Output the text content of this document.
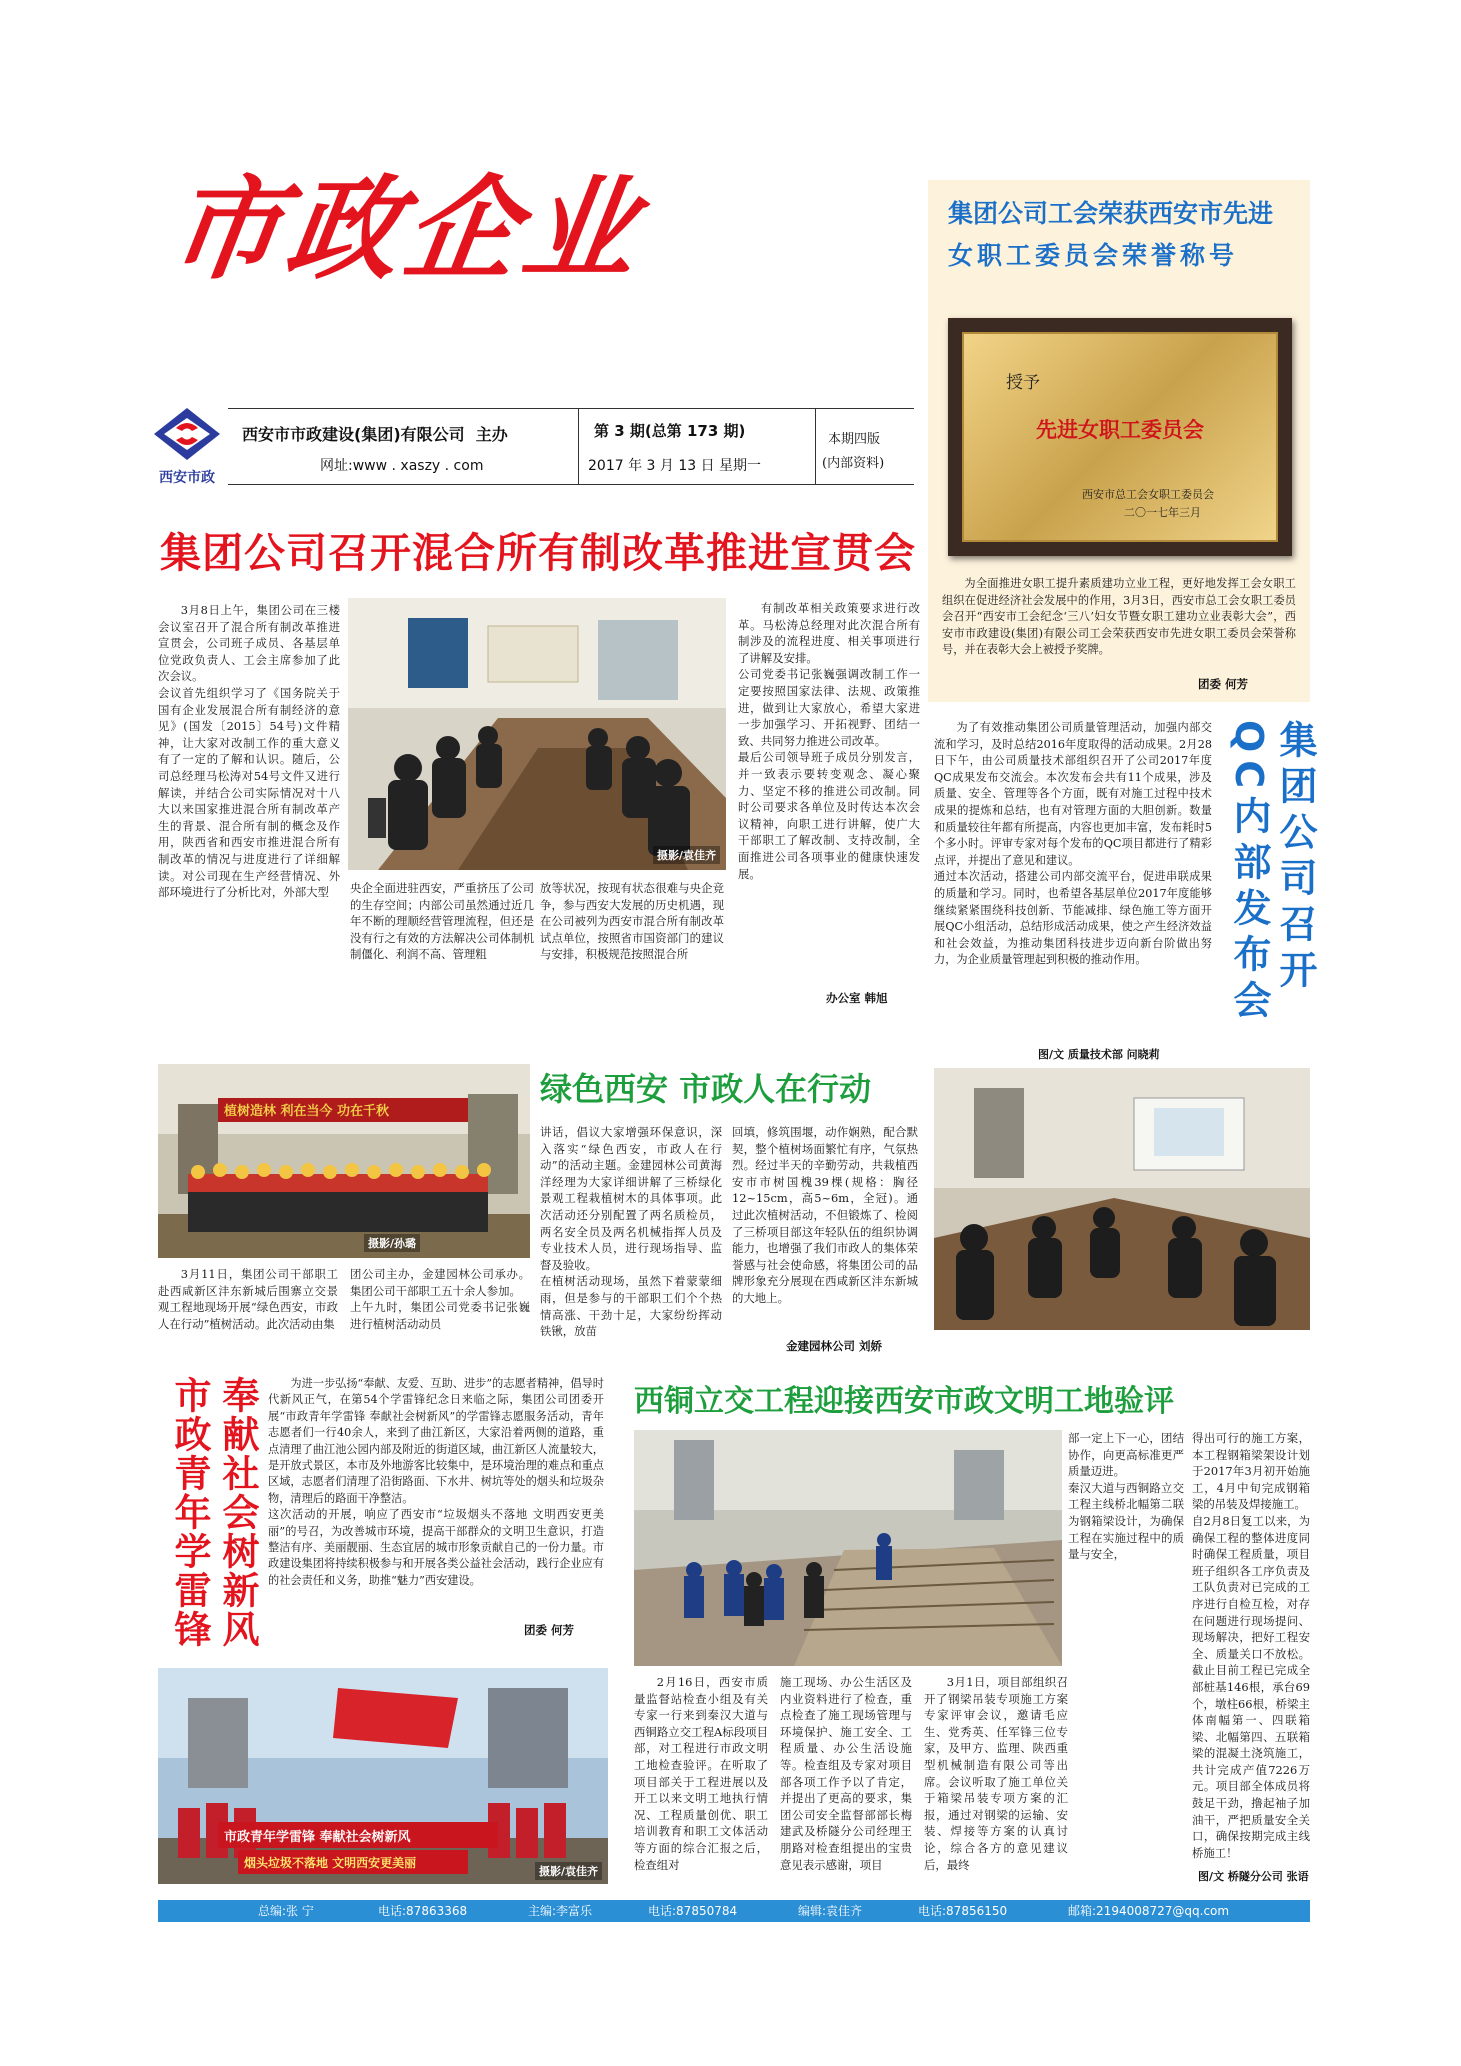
市政企业
西安市政
西安市市政建设(集团)有限公司 主办
网址:www . xaszy . com
第 3 期(总第 173 期)
2017 年 3 月 13 日 星期一
本期四版
(内部资料)
集团公司工会荣获西安市先进
女职工委员会荣誉称号
授予
先进女职工委员会
西安市总工会女职工委员会
二〇一七年三月
为全面推进女职工提升素质建功立业工程，更好地发挥工会女职工组织在促进经济社会发展中的作用，3月3日，西安市总工会女职工委员会召开“西安市工会纪念‘三八’妇女节暨女职工建功立业表彰大会”，西安市市政建设(集团)有限公司工会荣获西安市先进女职工委员会荣誉称号，并在表彰大会上被授予奖牌。
团委 何芳
集团公司召开混合所有制改革推进宣贯会
3月8日上午，集团公司在三楼会议室召开了混合所有制改革推进宣贯会，公司班子成员、各基层单位党政负责人、工会主席参加了此次会议。
会议首先组织学习了《国务院关于国有企业发展混合所有制经济的意见》(国发〔2015〕54号)文件精神，让大家对改制工作的重大意义有了一定的了解和认识。随后，公司总经理马松涛对54号文件又进行解读，并结合公司实际情况对十八大以来国家推进混合所有制改革产生的背景、混合所有制的概念及作用，陕西省和西安市推进混合所有制改革的情况与进度进行了详细解读。对公司现在生产经营情况、外部环境进行了分析比对，外部大型
摄影/袁佳齐
央企全面进驻西安，严重挤压了公司的生存空间；内部公司虽然通过近几年不断的理顺经营管理流程，但还是没有行之有效的方法解决公司体制机制僵化、利润不高、管理粗
放等状况，按现有状态很难与央企竞争，参与西安大发展的历史机遇，现在公司被列为西安市混合所有制改革试点单位，按照省市国资部门的建议与安排，积极规范按照混合所
有制改革相关政策要求进行改革。马松涛总经理对此次混合所有制涉及的流程进度、相关事项进行了讲解及安排。
公司党委书记张巍强调改制工作一定要按照国家法律、法规、政策推进，做到让大家放心，希望大家进一步加强学习、开拓视野、团结一致、共同努力推进公司改革。
最后公司领导班子成员分别发言，并一致表示要转变观念、凝心聚力、坚定不移的推进公司改制。同时公司要求各单位及时传达本次会议精神，向职工进行讲解，使广大干部职工了解改制、支持改制，全面推进公司各项事业的健康快速发展。
办公室 韩旭
集团公司召开
QC内部发布会
为了有效推动集团公司质量管理活动，加强内部交流和学习，及时总结2016年度取得的活动成果。2月28日下午，由公司质量技术部组织召开了公司2017年度QC成果发布交流会。本次发布会共有11个成果，涉及质量、安全、管理等各个方面，既有对施工过程中技术成果的提炼和总结，也有对管理方面的大胆创新。数量和质量较往年都有所提高，内容也更加丰富，发布耗时5个多小时。评审专家对每个发布的QC项目都进行了精彩点评，并提出了意见和建议。
通过本次活动，搭建公司内部交流平台，促进串联成果的质量和学习。同时，也希望各基层单位2017年度能够继续紧紧围绕科技创新、节能减排、绿色施工等方面开展QC小组活动，总结形成活动成果，使之产生经济效益和社会效益，为推动集团科技进步迈向新台阶做出努力，为企业质量管理起到积极的推动作用。
图/文 质量技术部 问晓莉
植树造林 利在当今 功在千秋
摄影/孙璐
绿色西安 市政人在行动
3月11日，集团公司干部职工赴西咸新区沣东新城后围寨立交景观工程地现场开展“绿色西安，市政人在行动”植树活动。此次活动由集
团公司主办，金建园林公司承办。集团公司干部职工五十余人参加。
上午九时，集团公司党委书记张巍进行植树活动动员
讲话，倡议大家增强环保意识，深入落实“绿色西安，市政人在行动”的活动主题。金建园林公司黄海洋经理为大家详细讲解了三桥绿化景观工程栽植树木的具体事项。此次活动还分别配置了两名质检员，两名安全员及两名机械指挥人员及专业技术人员，进行现场指导、监督及验收。
在植树活动现场，虽然下着蒙蒙细雨，但是参与的干部职工们个个热情高涨、干劲十足，大家纷纷挥动铁锹，放苗
回填，修筑围堰，动作娴熟，配合默契，整个植树场面繁忙有序，气氛热烈。经过半天的辛勤劳动，共栽植西安市市树国槐39棵(规格：胸径12~15cm，高5~6m，全冠)。通过此次植树活动，不但锻炼了、检阅了三桥项目部这年轻队伍的组织协调能力，也增强了我们市政人的集体荣誉感与社会使命感，将集团公司的品牌形象充分展现在西咸新区沣东新城的大地上。
金建园林公司 刘娇
奉献社会树新风
市政青年学雷锋	为进一步弘扬“奉献、友爱、互助、进步”的志愿者精神，倡导时代新风正气，在第54个学雷锋纪念日来临之际，集团公司团委开展“市政青年学雷锋 奉献社会树新风”的学雷锋志愿服务活动，青年志愿者们一行40余人，来到了曲江新区，大家沿着两侧的道路，重点清理了曲江池公园内部及附近的街道区域，曲江新区人流量较大，是开放式景区，本市及外地游客比较集中，是环境治理的难点和重点区域，志愿者们清理了沿街路面、下水井、树坑等处的烟头和垃圾杂物，清理后的路面干净整洁。
这次活动的开展，响应了西安市“垃圾烟头不落地 文明西安更美丽”的号召，为改善城市环境，提高干部群众的文明卫生意识，打造整洁有序、美丽靓丽、生态宜居的城市形象贡献自己的一份力量。市政建设集团将持续积极参与和开展各类公益社会活动，践行企业应有的社会责任和义务，助推“魅力”西安建设。
团委 何芳
市政青年学雷锋 奉献社会树新风
烟头垃圾不落地 文明西安更美丽
摄影/袁佳齐
西铜立交工程迎接西安市政文明工地验评
部一定上下一心，团结协作，向更高标准更严质量迈进。
秦汉大道与西铜路立交工程主线桥北幅第二联为钢箱梁设计，为确保工程在实施过程中的质量与安全，
得出可行的施工方案，本工程钢箱梁架设计划于2017年3月初开始施工，4月中旬完成钢箱梁的吊装及焊接施工。
自2月8日复工以来，为确保工程的整体进度同时确保工程质量，项目班子组织各工序负责及工队负责对已完成的工序进行自检互检，对存在问题进行现场提问、现场解决，把好工程安全、质量关口不放松。截止目前工程已完成全部桩基146根，承台69个，墩柱66根，桥梁主体南幅第一、四联箱梁、北幅第四、五联箱梁的混凝土浇筑施工，共计完成产值7226万元。项目部全体成员将鼓足干劲，撸起袖子加油干，严把质量安全关口，确保按期完成主线桥施工！
2月16日，西安市质量监督站检查小组及有关专家一行来到秦汉大道与西铜路立交工程A标段项目部，对工程进行市政文明工地检查验评。在听取了项目部关于工程进展以及开工以来文明工地执行情况、工程质量创优、职工培训教育和职工文体活动等方面的综合汇报之后，检查组对
施工现场、办公生活区及内业资料进行了检查，重点检查了施工现场管理与环境保护、施工安全、工程质量、办公生活设施等。检查组及专家对项目部各项工作予以了肯定，并提出了更高的要求，集团公司安全监督部部长梅建武及桥隧分公司经理王朋路对检查组提出的宝贵意见表示感谢，项目
3月1日，项目部组织召开了钢梁吊装专项施工方案专家评审会议，邀请毛应生、党秀英、任军锋三位专家，及甲方、监理、陕西重型机械制造有限公司等出席。会议听取了施工单位关于箱梁吊装专项方案的汇报，通过对钢梁的运输、安装、焊接等方案的认真讨论，综合各方的意见建议后，最终
图/文 桥隧分公司 张语
总编:张 宁	电话:87863368	主编:李富乐	电话:87850784	编辑:袁佳齐	电话:87856150	邮箱:2194008727@qq.com
